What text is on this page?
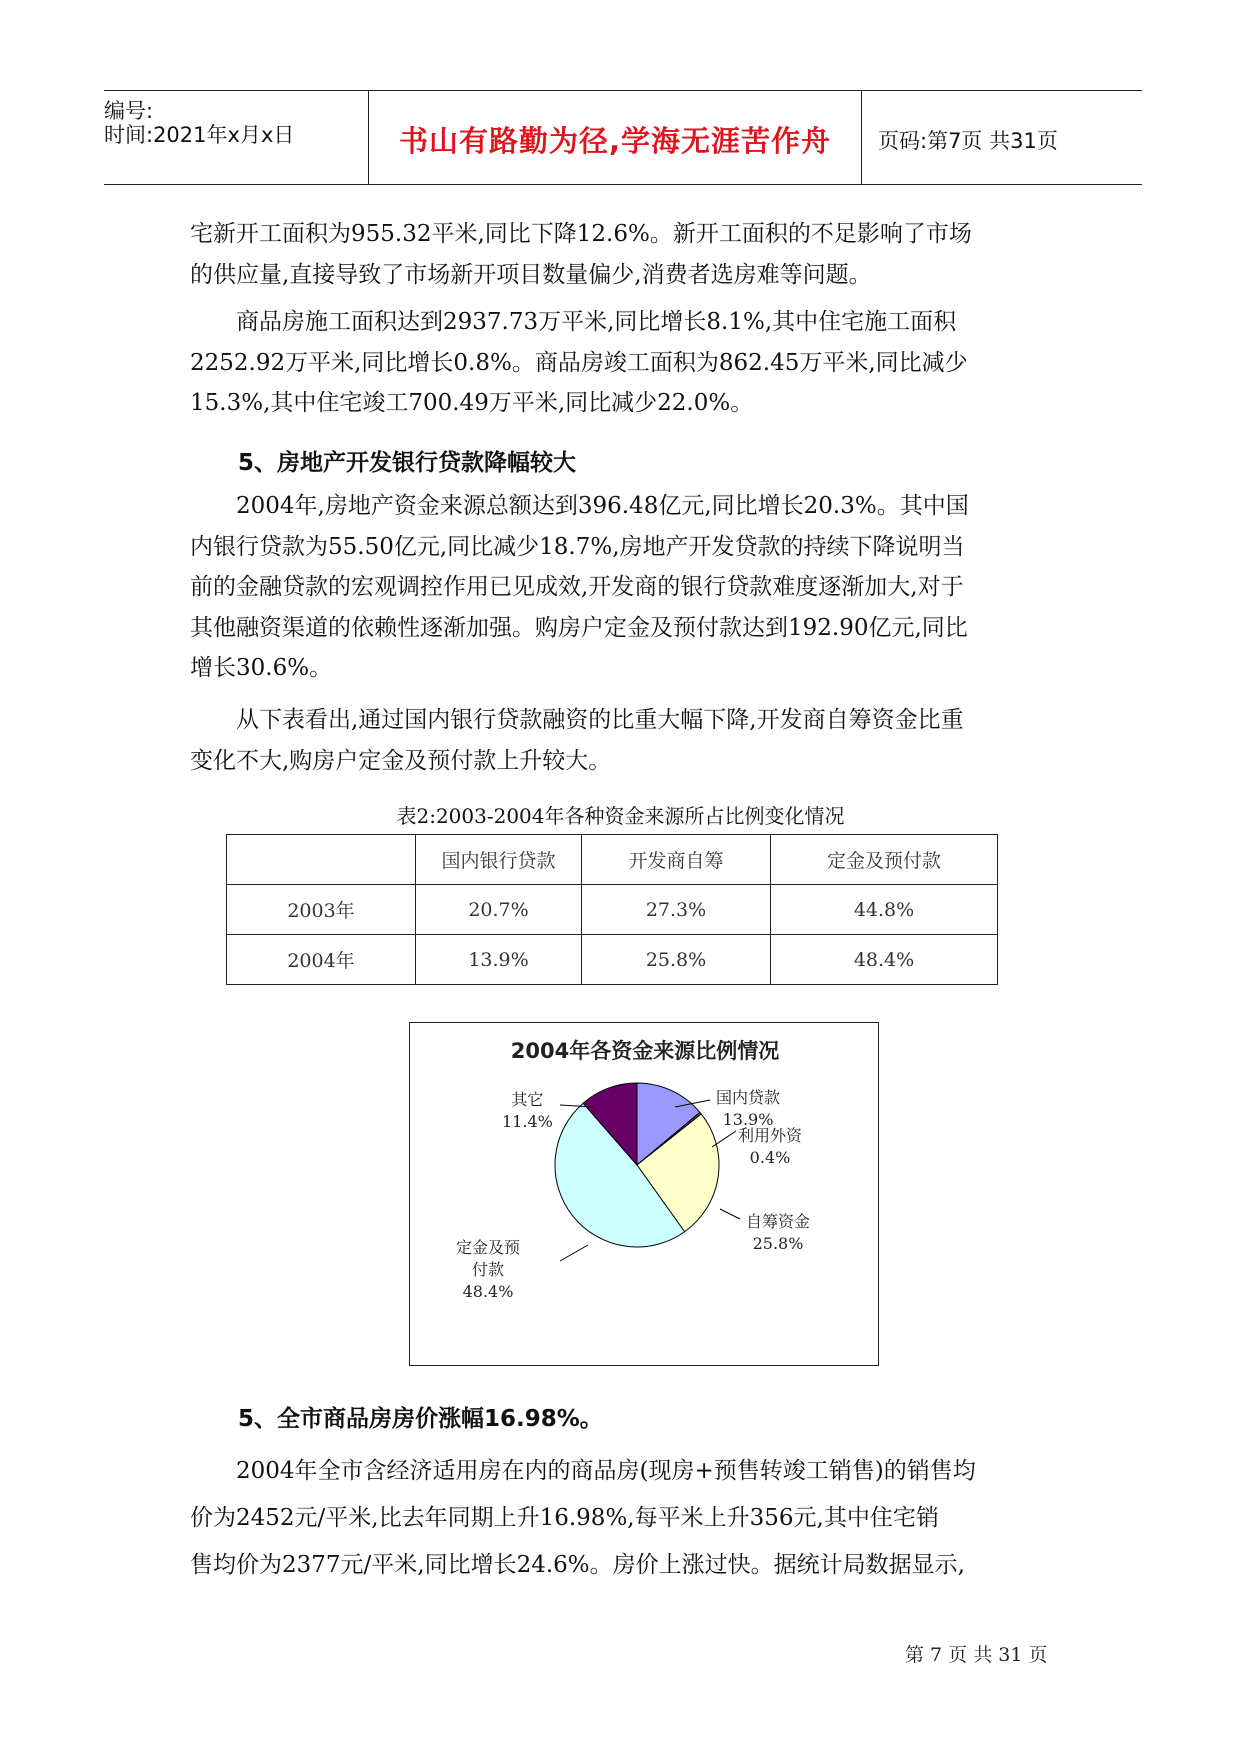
编号:
时间:2021年x月x日	书山有路勤为径,学海无涯苦作舟	页码:第7页 共31页
宅新开工面积为955.32平米,同比下降12.6%。新开工面积的不足影响了市场
的供应量,直接导致了市场新开项目数量偏少,消费者选房难等问题。
商品房施工面积达到2937.73万平米,同比增长8.1%,其中住宅施工面积
2252.92万平米,同比增长0.8%。商品房竣工面积为862.45万平米,同比减少
15.3%,其中住宅竣工700.49万平米,同比减少22.0%。
5、房地产开发银行贷款降幅较大
2004年,房地产资金来源总额达到396.48亿元,同比增长20.3%。其中国
内银行贷款为55.50亿元,同比减少18.7%,房地产开发贷款的持续下降说明当
前的金融贷款的宏观调控作用已见成效,开发商的银行贷款难度逐渐加大,对于
其他融资渠道的依赖性逐渐加强。购房户定金及预付款达到192.90亿元,同比
增长30.6%。
从下表看出,通过国内银行贷款融资的比重大幅下降,开发商自筹资金比重
变化不大,购房户定金及预付款上升较大。
表2:2003-2004年各种资金来源所占比例变化情况
	国内银行贷款	开发商自筹	定金及预付款
2003年	20.7%	27.3%	44.8%
2004年	13.9%	25.8%	48.4%
2004年各资金来源比例情况
国内贷款
13.9%
利用外资
0.4%
自筹资金
25.8%
定金及预
付款
48.4%
其它
11.4%
5、全市商品房房价涨幅16.98%。
2004年全市含经济适用房在内的商品房(现房+预售转竣工销售)的销售均
价为2452元/平米,比去年同期上升16.98%,每平米上升356元,其中住宅销
售均价为2377元/平米,同比增长24.6%。房价上涨过快。据统计局数据显示,
第 7 页 共 31 页
